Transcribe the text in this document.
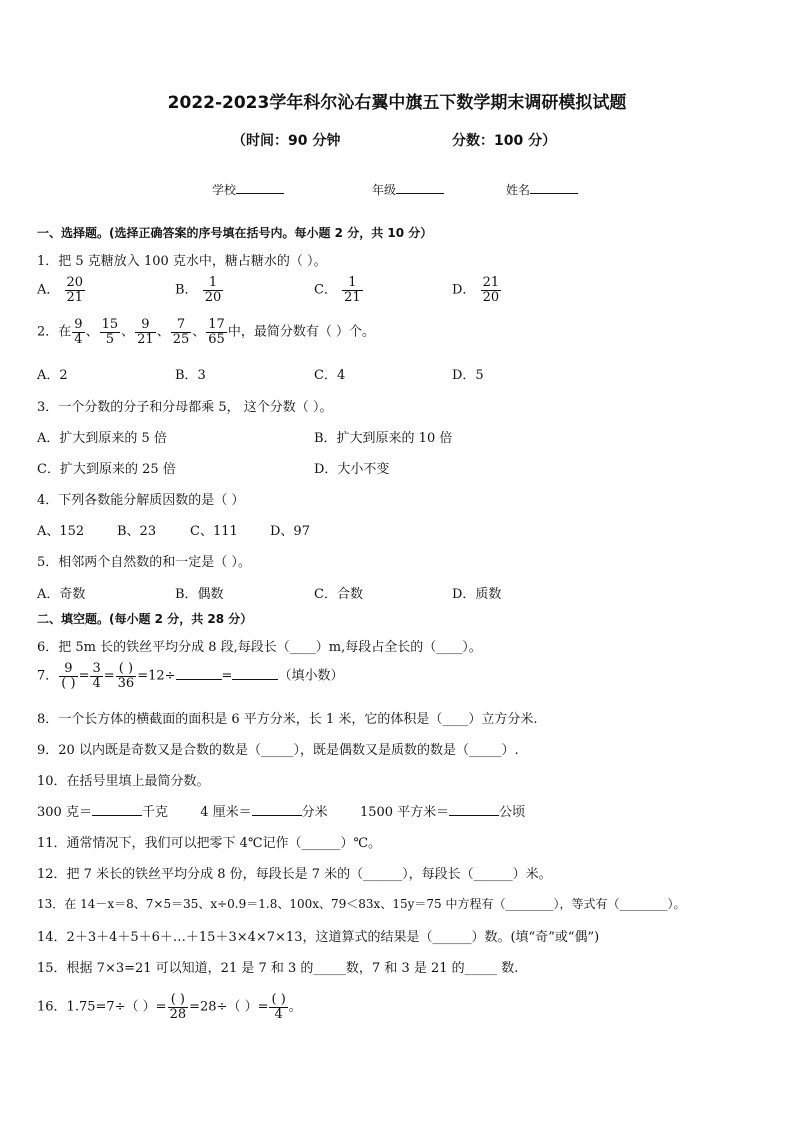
2022-2023学年科尔沁右翼中旗五下数学期末调研模拟试题
（时间：90 分钟	分数：100 分）
学校	年级	姓名
一、选择题。(选择正确答案的序号填在括号内。每小题 2 分，共 10 分）
1．把 5 克糖放入 100 克水中，糖占糖水的（ ）。
A． $\frac{20}{21}$	B． $\frac{1}{20}$	C． $\frac{1}{21}$	D． $\frac{21}{20}$
2．在 $\frac{9}{4}$ 、 $\frac{15}{5}$ 、 $\frac{9}{21}$ 、 $\frac{7}{25}$ 、 $\frac{17}{65}$ 中，最简分数有（ ）个。
A．2	B．3	C．4	D．5
3．一个分数的分子和分母都乘 5， 这个分数（ ）。
A．扩大到原来的 5 倍	B．扩大到原来的 10 倍
C．扩大到原来的 25 倍	D．大小不变
4．下列各数能分解质因数的是（ ）
A、152	B、23	C、111 D、97
5．相邻两个自然数的和一定是（ ）。
A．奇数	B．偶数	C．合数	D．质数
二、填空题。(每小题 2 分，共 28 分）
6．把 5m 长的铁丝平均分成 8 段,每段长（____）m,每段占全长的（____）。
7． $\frac{9}{( )} = \frac{3}{4} = \frac{( )}{36} =12\div$	=	（填小数）
8．一个长方体的横截面的面积是 6 平方分米，长 1 米，它的体积是（____）立方分米.
9．20 以内既是奇数又是合数的数是（_____），既是偶数又是质数的数是（_____）.
10．在括号里填上最简分数。
300 克＝	千克 4 厘米＝	分米 1500 平方米＝	公顷
11．通常情况下，我们可以把零下 4℃记作（______）℃。
12．把 7 米长的铁丝平均分成 8 份，每段长是 7 米的（______），每段长（______）米。
13．在 14－x＝8、7×5＝35、x÷0.9＝1.8、100x、79＜83x、15y＝75 中方程有（________），等式有（________）。
14．2＋3＋4＋5＋6＋…＋15＋3×4×7×13，这道算式的结果是（______）数。(填“奇”或“偶”)
15．根据 7×3=21 可以知道，21 是 7 和 3 的_____数，7 和 3 是 21 的_____ 数.
16．1.75=7÷（ ）= $\frac{( )}{28} =28\div$（ ）= $\frac{( )}{4}$ 。
